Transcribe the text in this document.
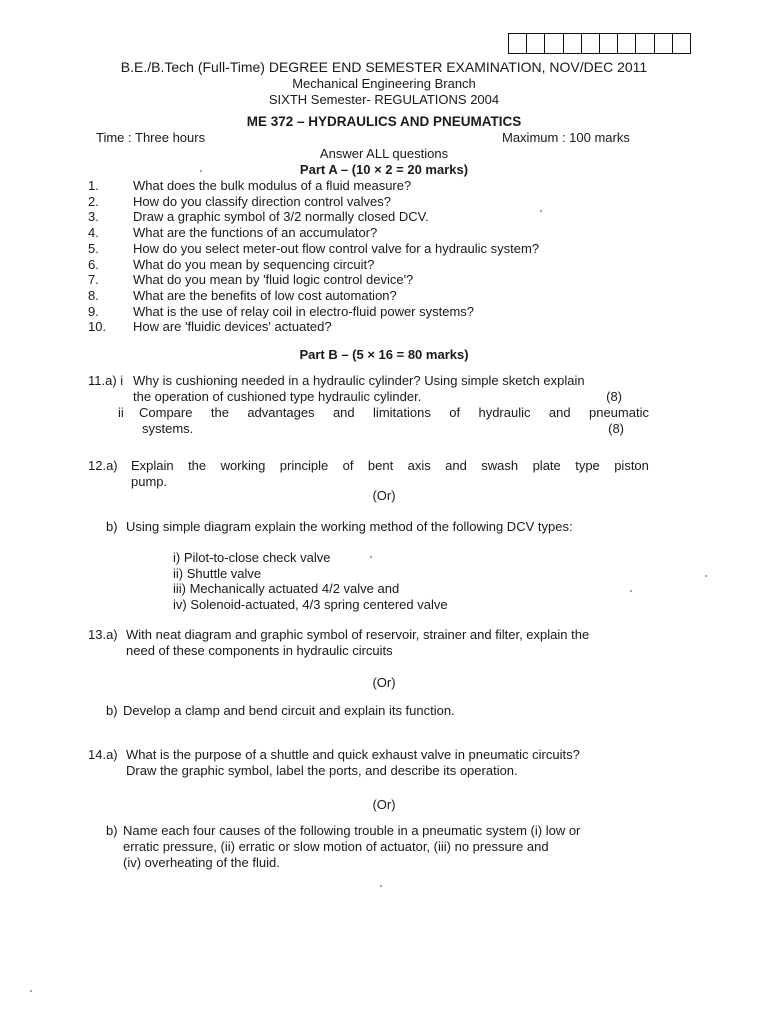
B.E./B.Tech (Full-Time) DEGREE END SEMESTER EXAMINATION, NOV/DEC 2011
Mechanical Engineering Branch
SIXTH Semester- REGULATIONS 2004
ME 372 – HYDRAULICS AND PNEUMATICS
Time : Three hours	Maximum : 100 marks
Answer ALL questions
Part A – (10 × 2 = 20 marks)
1.	What does the bulk modulus of a fluid measure?
2.	How do you classify direction control valves?
3.	Draw a graphic symbol of 3/2 normally closed DCV.
4.	What are the functions of an accumulator?
5.	How do you select meter-out flow control valve for a hydraulic system?
6.	What do you mean by sequencing circuit?
7.	What do you mean by 'fluid logic control device'?
8.	What are the benefits of low cost automation?
9.	What is the use of relay coil in electro-fluid power systems?
10.	How are 'fluidic devices' actuated?
Part B – (5 × 16 = 80 marks)
11.a) i Why is cushioning needed in a hydraulic cylinder? Using simple sketch explain
the operation of cushioned type hydraulic cylinder.	(8)
ii Compare the advantages and limitations of hydraulic and pneumatic
systems.	(8)
12.a) Explain the working principle of bent axis and swash plate type piston
pump.
(Or)
b) Using simple diagram explain the working method of the following DCV types:
i) Pilot-to-close check valve
ii) Shuttle valve
iii) Mechanically actuated 4/2 valve and
iv) Solenoid-actuated, 4/3 spring centered valve
13.a) With neat diagram and graphic symbol of reservoir, strainer and filter, explain the
need of these components in hydraulic circuits
(Or)
b) Develop a clamp and bend circuit and explain its function.
14.a) What is the purpose of a shuttle and quick exhaust valve in pneumatic circuits?
Draw the graphic symbol, label the ports, and describe its operation.
(Or)
b) Name each four causes of the following trouble in a pneumatic system (i) low or
erratic pressure, (ii) erratic or slow motion of actuator, (iii) no pressure and
(iv) overheating of the fluid.
